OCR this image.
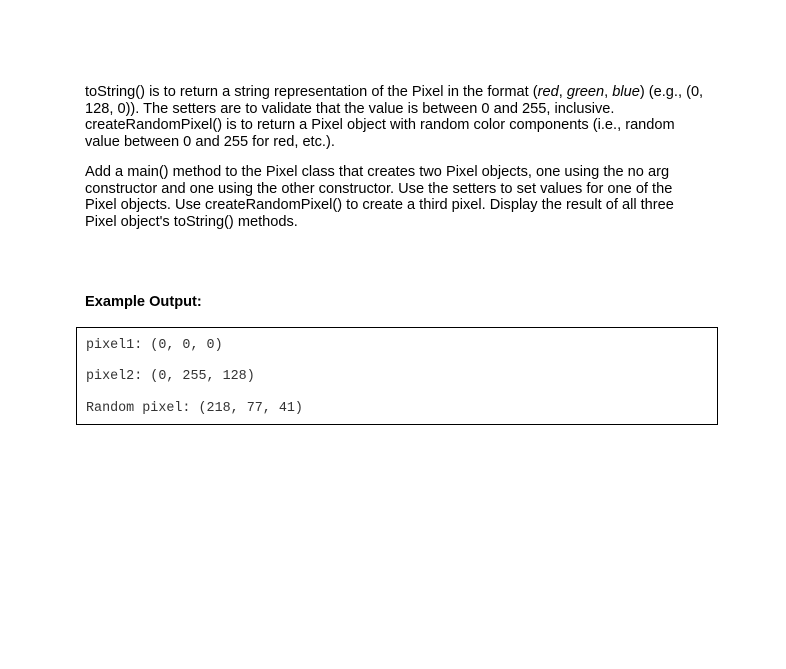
toString() is to return a string representation of the Pixel in the format (red, green, blue) (e.g., (0,
128, 0)). The setters are to validate that the value is between 0 and 255, inclusive.
createRandomPixel() is to return a Pixel object with random color components (i.e., random
value between 0 and 255 for red, etc.).

Add a main() method to the Pixel class that creates two Pixel objects, one using the no arg
constructor and one using the other constructor. Use the setters to set values for one of the
Pixel objects. Use createRandomPixel() to create a third pixel. Display the result of all three
Pixel object's toString() methods.

Example Output:
pixel1: (0, 0, 0)
pixel2: (0, 255, 128)
Random pixel: (218, 77, 41)
